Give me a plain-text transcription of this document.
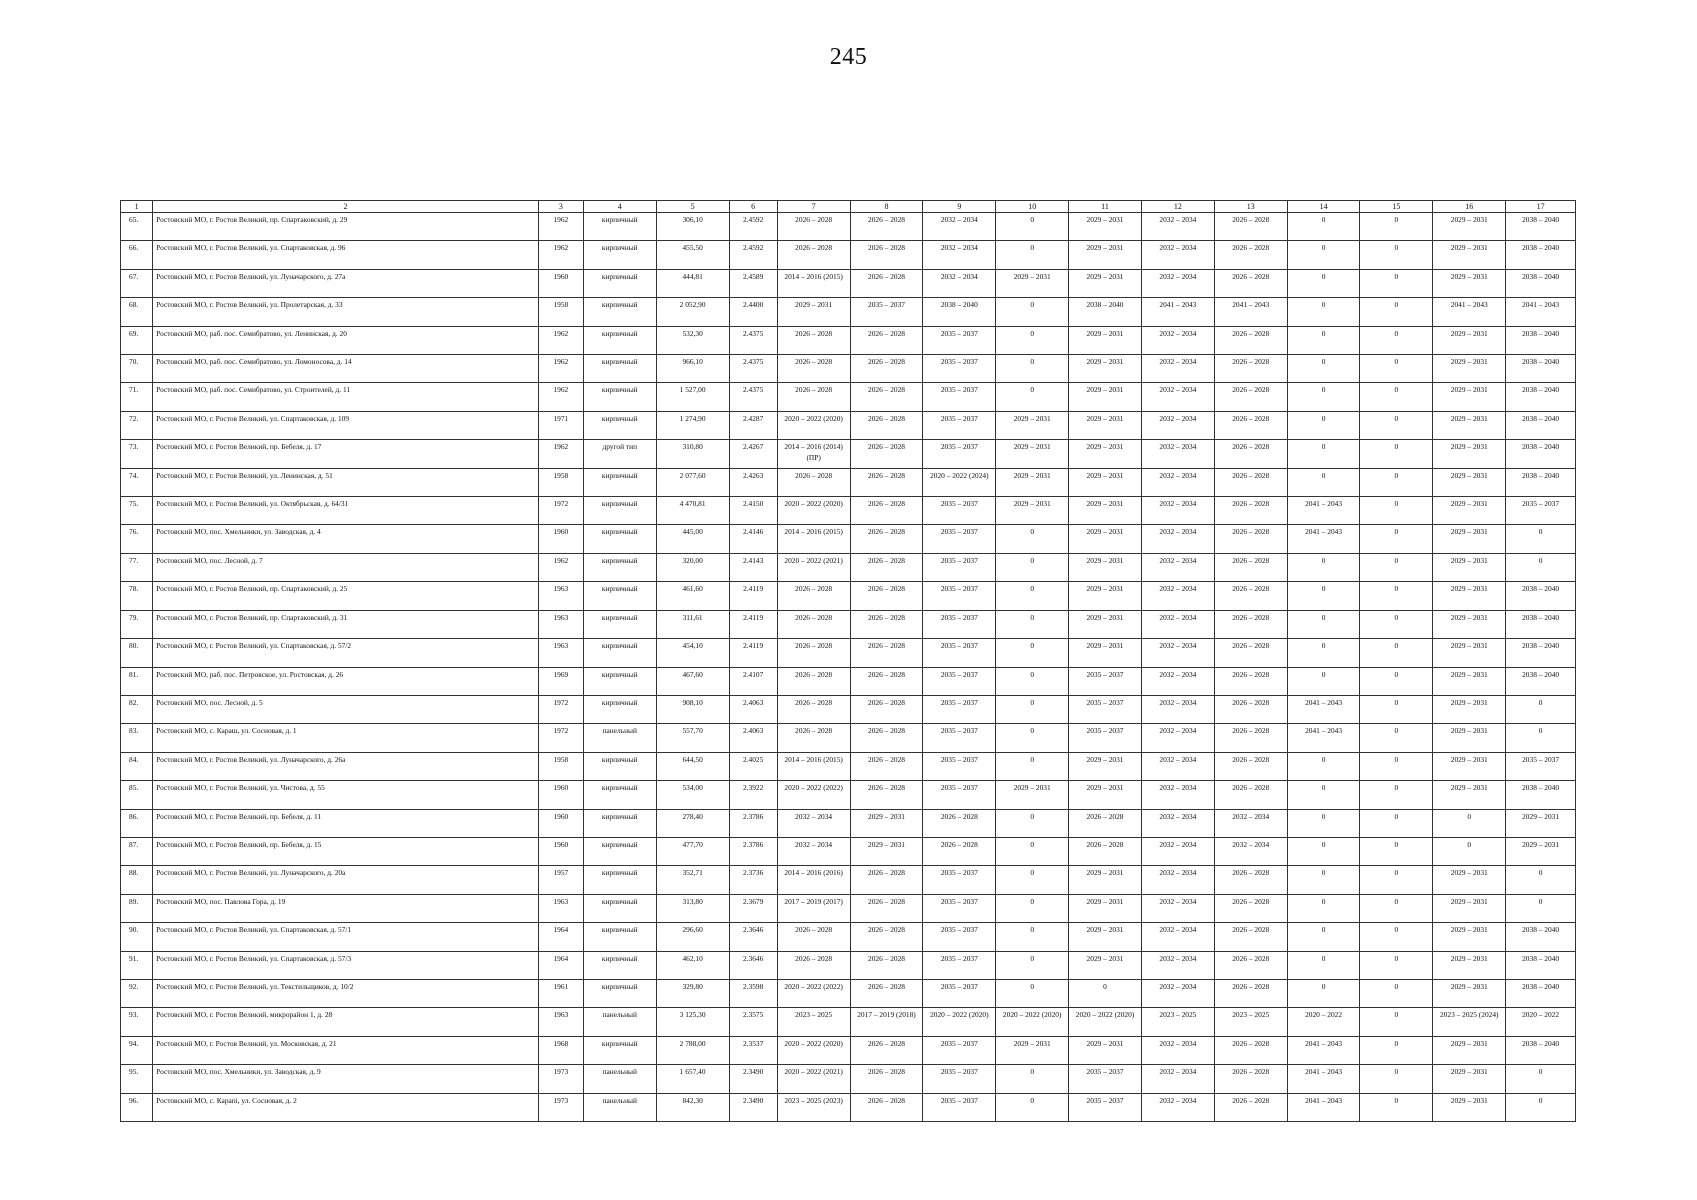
245
1	2	3	4	5	6	7	8	9	10	11	12	13	14	15	16	17
65.	Ростовский МО, г. Ростов Великий, пр. Спартаковский, д. 29	1962	кирпичный	306,10	2.4592	2026 – 2028	2026 – 2028	2032 – 2034	0	2029 – 2031	2032 – 2034	2026 – 2028	0	0	2029 – 2031	2038 – 2040
66.	Ростовский МО, г. Ростов Великий, ул. Спартаковская, д. 96	1962	кирпичный	455,50	2.4592	2026 – 2028	2026 – 2028	2032 – 2034	0	2029 – 2031	2032 – 2034	2026 – 2028	0	0	2029 – 2031	2038 – 2040
67.	Ростовский МО, г. Ростов Великий, ул. Луначарского, д. 27а	1960	кирпичный	444,81	2.4589	2014 – 2016 (2015)	2026 – 2028	2032 – 2034	2029 – 2031	2029 – 2031	2032 – 2034	2026 – 2028	0	0	2029 – 2031	2038 – 2040
68.	Ростовский МО, г. Ростов Великий, ул. Пролетарская, д. 33	1958	кирпичный	2 052,90	2.4400	2029 – 2031	2035 – 2037	2038 – 2040	0	2038 – 2040	2041 – 2043	2041 – 2043	0	0	2041 – 2043	2041 – 2043
69.	Ростовский МО, раб. пос. Семибратово, ул. Ленинская, д. 20	1962	кирпичный	532,30	2.4375	2026 – 2028	2026 – 2028	2035 – 2037	0	2029 – 2031	2032 – 2034	2026 – 2028	0	0	2029 – 2031	2038 – 2040
70.	Ростовский МО, раб. пос. Семибратово, ул. Ломоносова, д. 14	1962	кирпичный	966,10	2.4375	2026 – 2028	2026 – 2028	2035 – 2037	0	2029 – 2031	2032 – 2034	2026 – 2028	0	0	2029 – 2031	2038 – 2040
71.	Ростовский МО, раб. пос. Семибратово, ул. Строителей, д. 11	1962	кирпичный	1 527,00	2.4375	2026 – 2028	2026 – 2028	2035 – 2037	0	2029 – 2031	2032 – 2034	2026 – 2028	0	0	2029 – 2031	2038 – 2040
72.	Ростовский МО, г. Ростов Великий, ул. Спартаковская, д. 109	1971	кирпичный	1 274,90	2.4287	2020 – 2022 (2020)	2026 – 2028	2035 – 2037	2029 – 2031	2029 – 2031	2032 – 2034	2026 – 2028	0	0	2029 – 2031	2038 – 2040
73.	Ростовский МО, г. Ростов Великий, пр. Бебеля, д. 17	1962	другой тип	310,80	2.4267	2014 – 2016 (2014) (ПР)	2026 – 2028	2035 – 2037	2029 – 2031	2029 – 2031	2032 – 2034	2026 – 2028	0	0	2029 – 2031	2038 – 2040
74.	Ростовский МО, г. Ростов Великий, ул. Ленинская, д. 51	1958	кирпичный	2 077,60	2.4263	2026 – 2028	2026 – 2028	2020 – 2022 (2024)	2029 – 2031	2029 – 2031	2032 – 2034	2026 – 2028	0	0	2029 – 2031	2038 – 2040
75.	Ростовский МО, г. Ростов Великий, ул. Октябрьская, д. 64/31	1972	кирпичный	4 470,81	2.4150	2020 – 2022 (2020)	2026 – 2028	2035 – 2037	2029 – 2031	2029 – 2031	2032 – 2034	2026 – 2028	2041 – 2043	0	2029 – 2031	2035 – 2037
76.	Ростовский МО, пос. Хмельники, ул. Заводская, д. 4	1960	кирпичный	445,00	2.4146	2014 – 2016 (2015)	2026 – 2028	2035 – 2037	0	2029 – 2031	2032 – 2034	2026 – 2028	2041 – 2043	0	2029 – 2031	0
77.	Ростовский МО, пос. Лесной, д. 7	1962	кирпичный	320,00	2.4143	2020 – 2022 (2021)	2026 – 2028	2035 – 2037	0	2029 – 2031	2032 – 2034	2026 – 2028	0	0	2029 – 2031	0
78.	Ростовский МО, г. Ростов Великий, пр. Спартаковский, д. 25	1963	кирпичный	461,60	2.4119	2026 – 2028	2026 – 2028	2035 – 2037	0	2029 – 2031	2032 – 2034	2026 – 2028	0	0	2029 – 2031	2038 – 2040
79.	Ростовский МО, г. Ростов Великий, пр. Спартаковский, д. 31	1963	кирпичный	311,61	2.4119	2026 – 2028	2026 – 2028	2035 – 2037	0	2029 – 2031	2032 – 2034	2026 – 2028	0	0	2029 – 2031	2038 – 2040
80.	Ростовский МО, г. Ростов Великий, ул. Спартаковская, д. 57/2	1963	кирпичный	454,10	2.4119	2026 – 2028	2026 – 2028	2035 – 2037	0	2029 – 2031	2032 – 2034	2026 – 2028	0	0	2029 – 2031	2038 – 2040
81.	Ростовский МО, раб. пос. Петровское, ул. Ростовская, д. 26	1969	кирпичный	467,60	2.4107	2026 – 2028	2026 – 2028	2035 – 2037	0	2035 – 2037	2032 – 2034	2026 – 2028	0	0	2029 – 2031	2038 – 2040
82.	Ростовский МО, пос. Лесной, д. 5	1972	кирпичный	908,10	2.4063	2026 – 2028	2026 – 2028	2035 – 2037	0	2035 – 2037	2032 – 2034	2026 – 2028	2041 – 2043	0	2029 – 2031	0
83.	Ростовский МО, с. Караш, ул. Сосновая, д. 1	1972	панельный	557,70	2.4063	2026 – 2028	2026 – 2028	2035 – 2037	0	2035 – 2037	2032 – 2034	2026 – 2028	2041 – 2043	0	2029 – 2031	0
84.	Ростовский МО, г. Ростов Великий, ул. Луначарского, д. 26а	1958	кирпичный	644,50	2.4025	2014 – 2016 (2015)	2026 – 2028	2035 – 2037	0	2029 – 2031	2032 – 2034	2026 – 2028	0	0	2029 – 2031	2035 – 2037
85.	Ростовский МО, г. Ростов Великий, ул. Чистова, д. 55	1960	кирпичный	534,00	2.3922	2020 – 2022 (2022)	2026 – 2028	2035 – 2037	2029 – 2031	2029 – 2031	2032 – 2034	2026 – 2028	0	0	2029 – 2031	2038 – 2040
86.	Ростовский МО, г. Ростов Великий, пр. Бебеля, д. 11	1960	кирпичный	278,40	2.3786	2032 – 2034	2029 – 2031	2026 – 2028	0	2026 – 2028	2032 – 2034	2032 – 2034	0	0	0	2029 – 2031
87.	Ростовский МО, г. Ростов Великий, пр. Бебеля, д. 15	1960	кирпичный	477,70	2.3786	2032 – 2034	2029 – 2031	2026 – 2028	0	2026 – 2028	2032 – 2034	2032 – 2034	0	0	0	2029 – 2031
88.	Ростовский МО, г. Ростов Великий, ул. Луначарского, д. 20а	1957	кирпичный	352,71	2.3736	2014 – 2016 (2016)	2026 – 2028	2035 – 2037	0	2029 – 2031	2032 – 2034	2026 – 2028	0	0	2029 – 2031	0
89.	Ростовский МО, пос. Павлова Гора, д. 19	1963	кирпичный	313,80	2.3679	2017 – 2019 (2017)	2026 – 2028	2035 – 2037	0	2029 – 2031	2032 – 2034	2026 – 2028	0	0	2029 – 2031	0
90.	Ростовский МО, г. Ростов Великий, ул. Спартаковская, д. 57/1	1964	кирпичный	296,60	2.3646	2026 – 2028	2026 – 2028	2035 – 2037	0	2029 – 2031	2032 – 2034	2026 – 2028	0	0	2029 – 2031	2038 – 2040
91.	Ростовский МО, г. Ростов Великий, ул. Спартаковская, д. 57/3	1964	кирпичный	462,10	2.3646	2026 – 2028	2026 – 2028	2035 – 2037	0	2029 – 2031	2032 – 2034	2026 – 2028	0	0	2029 – 2031	2038 – 2040
92.	Ростовский МО, г. Ростов Великий, ул. Текстильщиков, д. 10/2	1961	кирпичный	329,80	2.3598	2020 – 2022 (2022)	2026 – 2028	2035 – 2037	0	0	2032 – 2034	2026 – 2028	0	0	2029 – 2031	2038 – 2040
93.	Ростовский МО, г. Ростов Великий, микрорайон 1, д. 28	1963	панельный	3 125,30	2.3575	2023 – 2025	2017 – 2019 (2018)	2020 – 2022 (2020)	2020 – 2022 (2020)	2020 – 2022 (2020)	2023 – 2025	2023 – 2025	2020 – 2022	0	2023 – 2025 (2024)	2020 – 2022
94.	Ростовский МО, г. Ростов Великий, ул. Московская, д. 21	1968	кирпичный	2 788,00	2.3537	2020 – 2022 (2020)	2026 – 2028	2035 – 2037	2029 – 2031	2029 – 2031	2032 – 2034	2026 – 2028	2041 – 2043	0	2029 – 2031	2038 – 2040
95.	Ростовский МО, пос. Хмельники, ул. Заводская, д. 9	1973	панельный	1 657,40	2.3490	2020 – 2022 (2021)	2026 – 2028	2035 – 2037	0	2035 – 2037	2032 – 2034	2026 – 2028	2041 – 2043	0	2029 – 2031	0
96.	Ростовский МО, с. Карапі, ул. Сосновая, д. 2	1973	панельный	842,30	2.3490	2023 – 2025 (2023)	2026 – 2028	2035 – 2037	0	2035 – 2037	2032 – 2034	2026 – 2028	2041 – 2043	0	2029 – 2031	0
